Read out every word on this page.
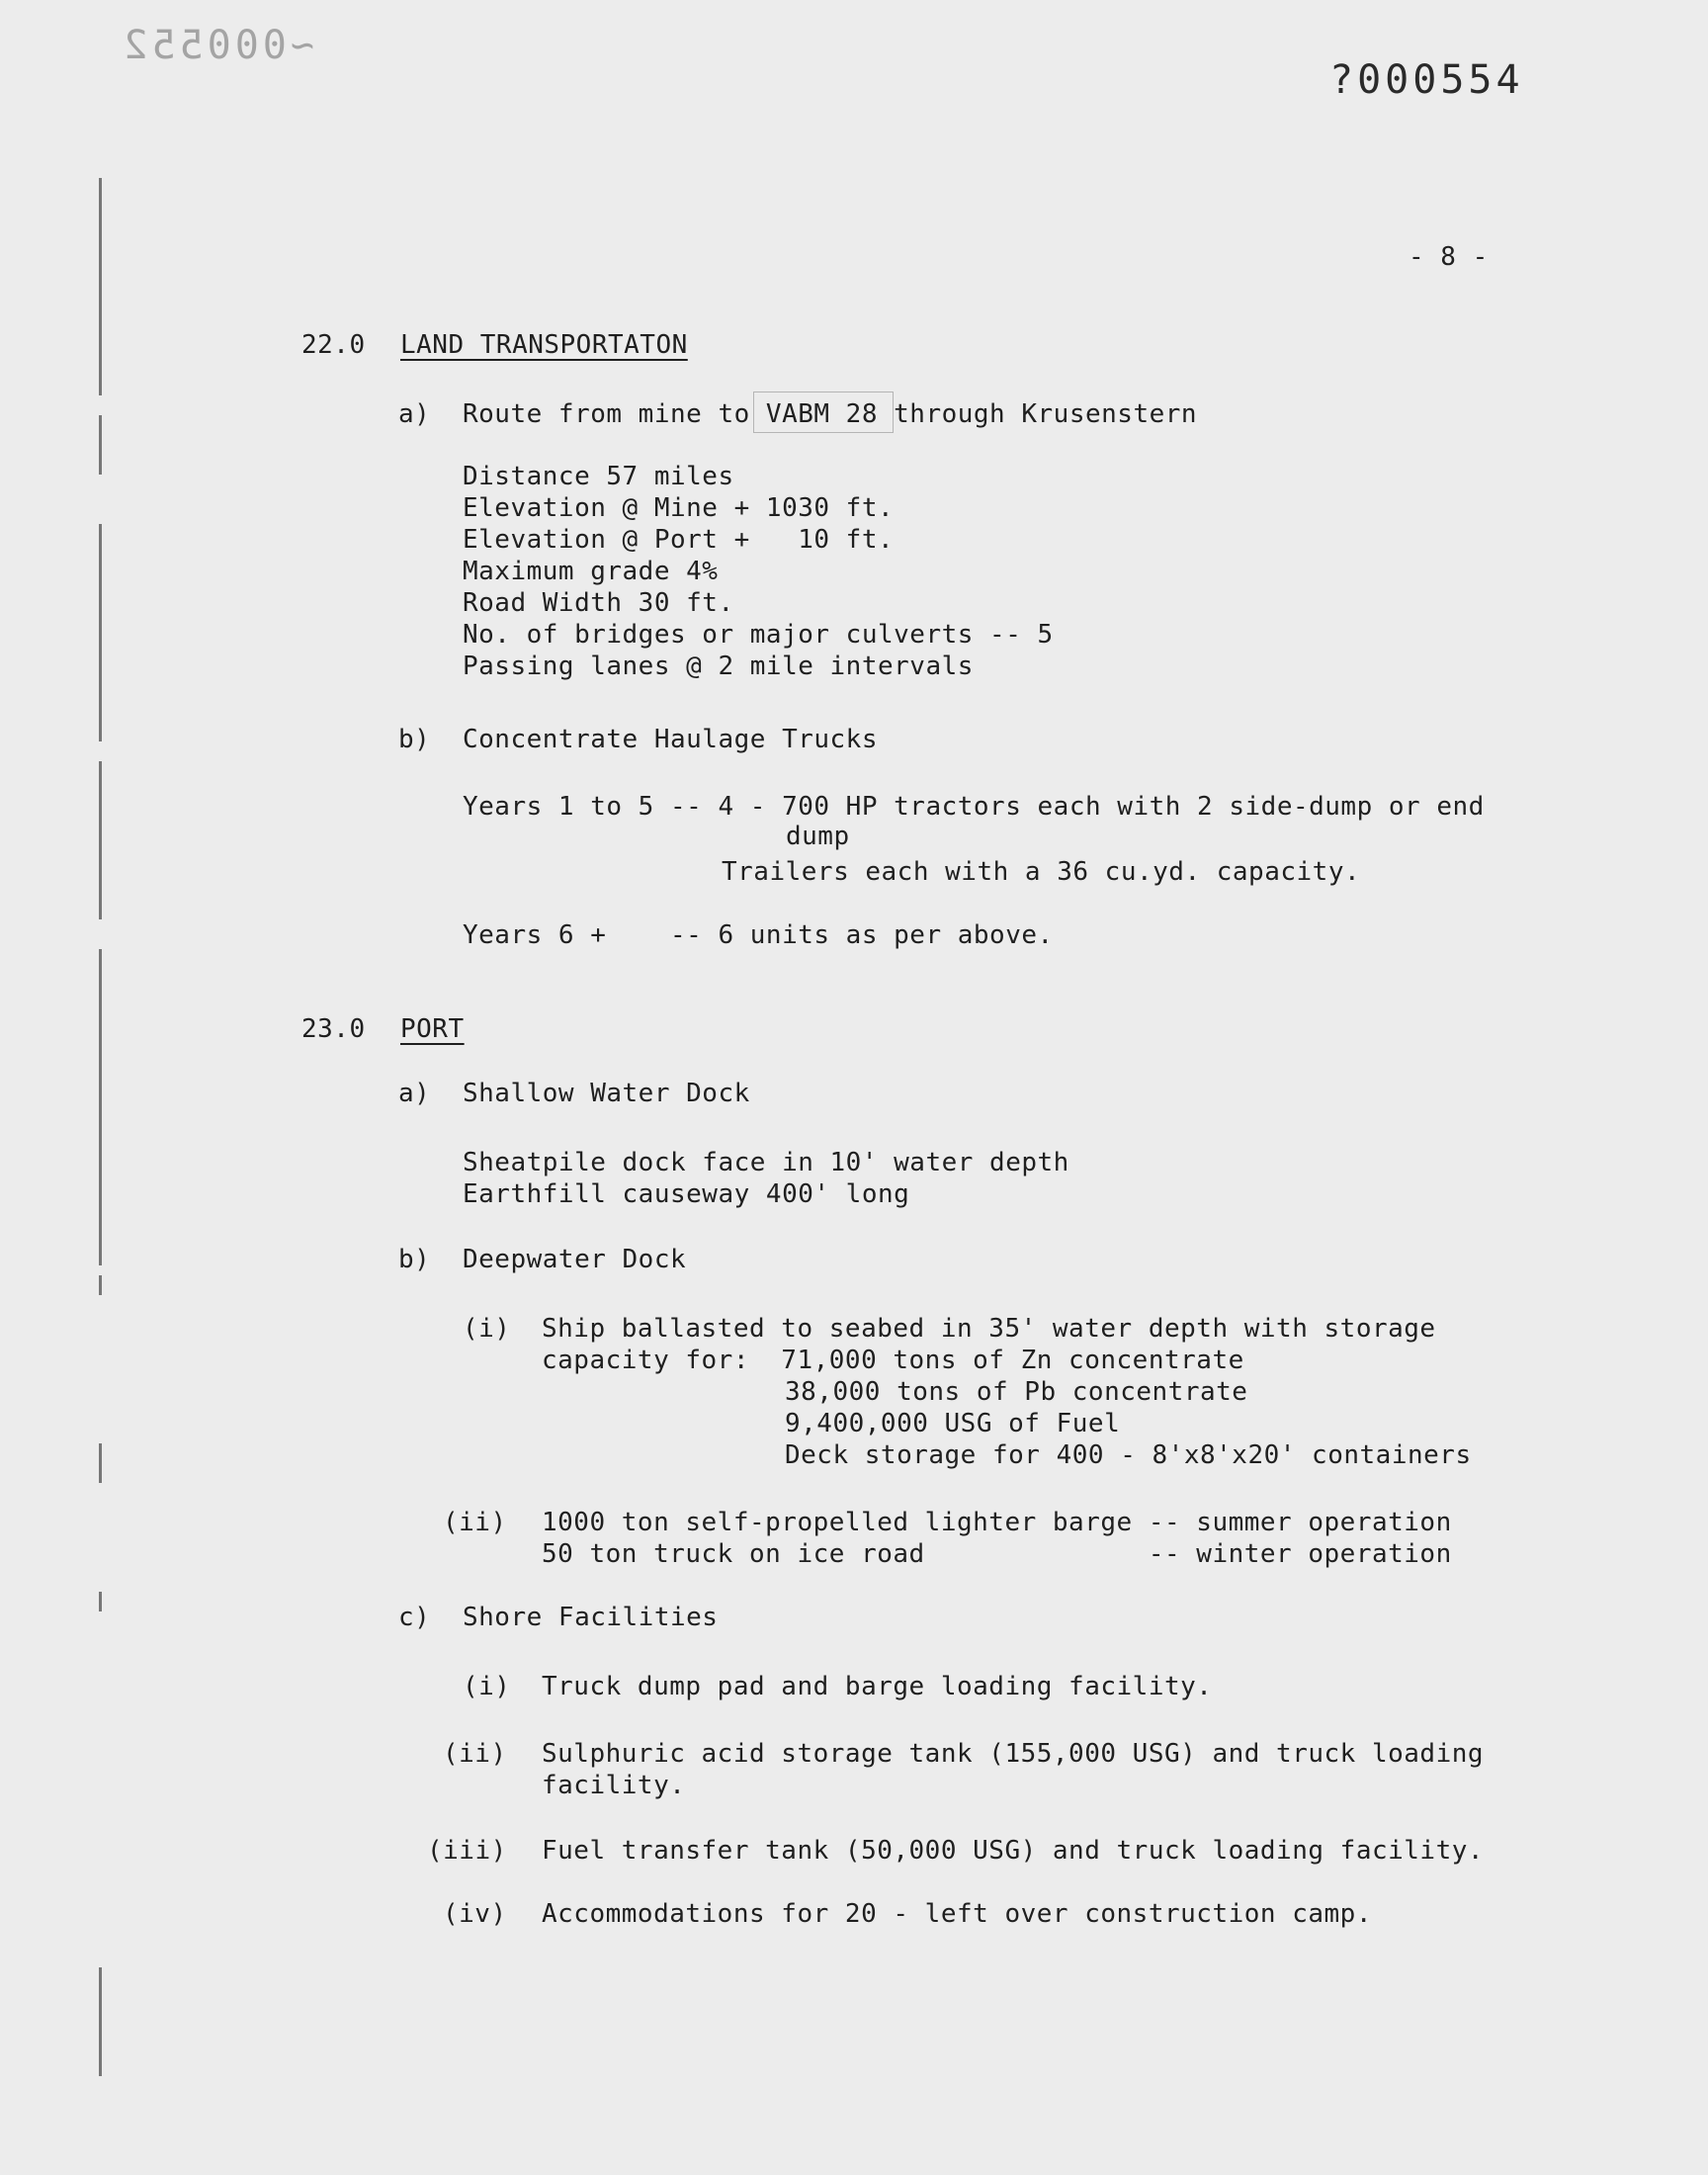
~000552
?000554
- 8 -
22.0 LAND TRANSPORTATON
a) Route from mine to VABM 28 through Krusenstern
Distance 57 miles
Elevation @ Mine + 1030 ft.
Elevation @ Port +   10 ft.
Maximum grade 4%
Road Width 30 ft.
No. of bridges or major culverts -- 5
Passing lanes @ 2 mile intervals
b) Concentrate Haulage Trucks
Years 1 to 5 -- 4 - 700 HP tractors each with 2 side-dump or end
dump
Trailers each with a 36 cu.yd. capacity.
Years 6 +    -- 6 units as per above.
23.0 PORT
a) Shallow Water Dock
Sheatpile dock face in 10' water depth
Earthfill causeway 400' long
b) Deepwater Dock
(i) Ship ballasted to seabed in 35' water depth with storage
capacity for:  71,000 tons of Zn concentrate
38,000 tons of Pb concentrate
9,400,000 USG of Fuel
Deck storage for 400 - 8'x8'x20' containers
(ii) 1000 ton self-propelled lighter barge -- summer operation
50 ton truck on ice road              -- winter operation
c) Shore Facilities
(i) Truck dump pad and barge loading facility.
(ii) Sulphuric acid storage tank (155,000 USG) and truck loading
facility.
(iii) Fuel transfer tank (50,000 USG) and truck loading facility.
(iv) Accommodations for 20 - left over construction camp.
